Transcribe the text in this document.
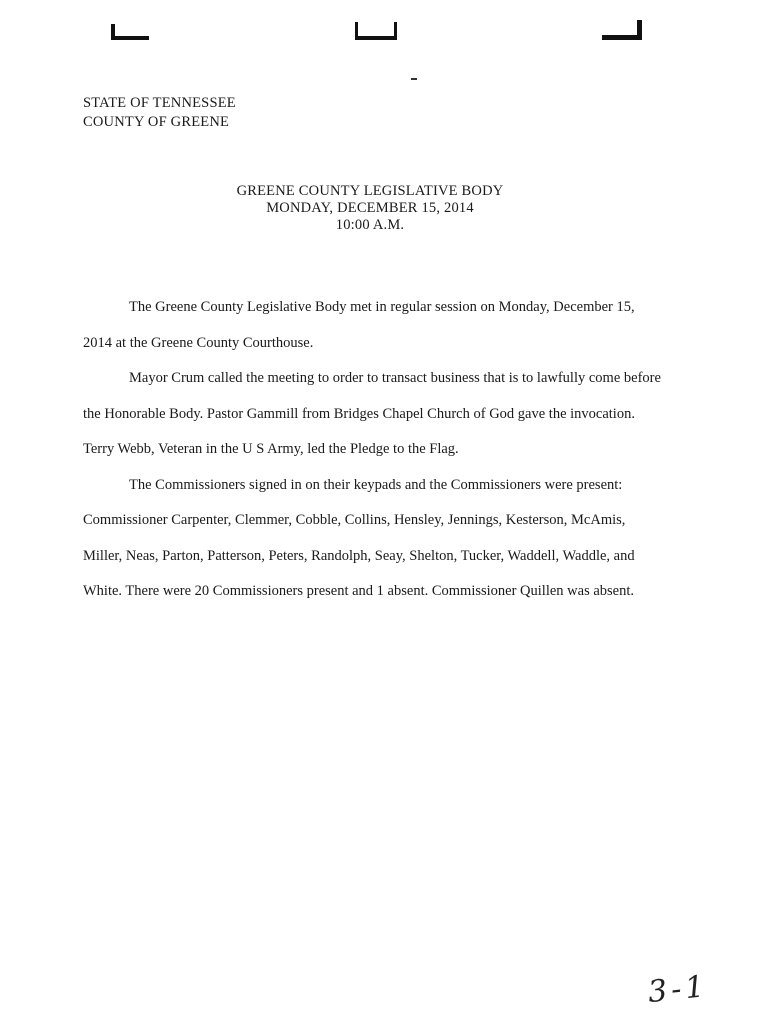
STATE OF TENNESSEE
COUNTY OF GREENE
GREENE COUNTY LEGISLATIVE BODY
MONDAY, DECEMBER 15, 2014
10:00 A.M.

The Greene County Legislative Body met in regular session on Monday, December 15, 2014 at the Greene County Courthouse.

Mayor Crum called the meeting to order to transact business that is to lawfully come before the Honorable Body. Pastor Gammill from Bridges Chapel Church of God gave the invocation. Terry Webb, Veteran in the U S Army, led the Pledge to the Flag.

The Commissioners signed in on their keypads and the Commissioners were present: Commissioner Carpenter, Clemmer, Cobble, Collins, Hensley, Jennings, Kesterson, McAmis, Miller, Neas, Parton, Patterson, Peters, Randolph, Seay, Shelton, Tucker, Waddell, Waddle, and White. There were 20 Commissioners present and 1 absent. Commissioner Quillen was absent.

3-1
